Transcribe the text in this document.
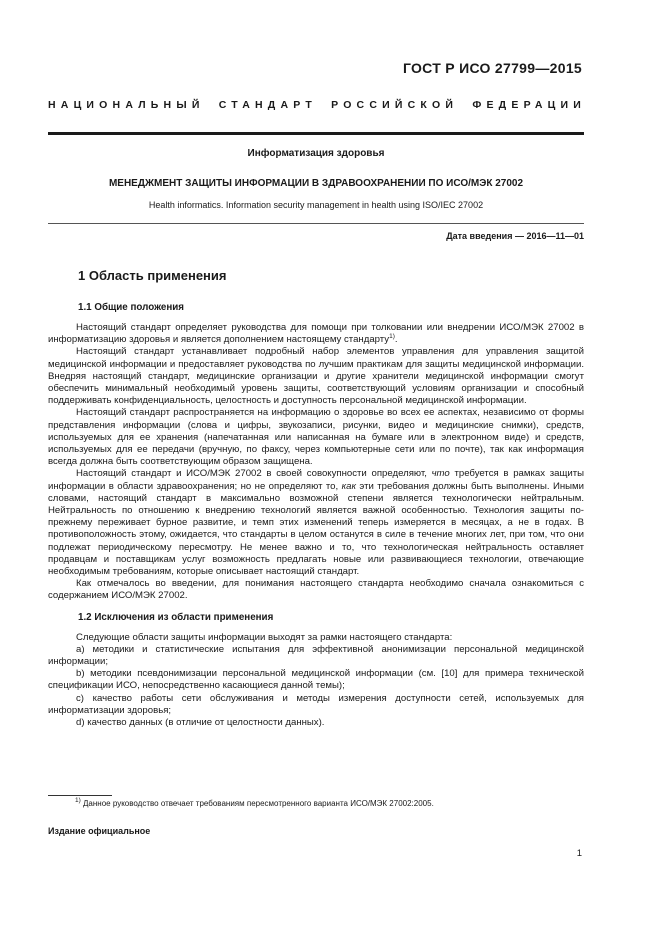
ГОСТ Р ИСО 27799—2015
НАЦИОНАЛЬНЫЙ СТАНДАРТ РОССИЙСКОЙ ФЕДЕРАЦИИ
Информатизация здоровья
МЕНЕДЖМЕНТ ЗАЩИТЫ ИНФОРМАЦИИ В ЗДРАВООХРАНЕНИИ ПО ИСО/МЭК 27002
Health informatics. Information security management in health using ISO/IEC 27002
Дата введения — 2016—11—01
1 Область применения
1.1 Общие положения

Настоящий стандарт определяет руководства для помощи при толковании или внедрении ИСО/МЭК 27002 в информатизацию здоровья и является дополнением настоящему стандарту$^{1)}$.

Настоящий стандарт устанавливает подробный набор элементов управления для управления защитой медицинской информации и предоставляет руководства по лучшим практикам для защиты медицинской информации. Внедряя настоящий стандарт, медицинские организации и другие хранители медицинской информации смогут обеспечить минимальный необходимый уровень защиты, соответствующий условиям организации и способный поддерживать конфиденциальность, целостность и доступность персональной медицинской информации.

Настоящий стандарт распространяется на информацию о здоровье во всех ее аспектах, независимо от формы представления информации (слова и цифры, звукозаписи, рисунки, видео и медицинские снимки), средств, используемых для ее хранения (напечатанная или написанная на бумаге или в электронном виде) и средств, используемых для ее передачи (вручную, по факсу, через компьютерные сети или по почте), так как информация всегда должна быть соответствующим образом защищена.

Настоящий стандарт и ИСО/МЭК 27002 в своей совокупности определяют, что требуется в рамках защиты информации в области здравоохранения; но не определяют то, как эти требования должны быть выполнены. Иными словами, настоящий стандарт в максимально возможной степени является технологически нейтральным. Нейтральность по отношению к внедрению технологий является важной особенностью. Технология защиты по-прежнему переживает бурное развитие, и темп этих изменений теперь измеряется в месяцах, а не в годах. В противоположность этому, ожидается, что стандарты в целом останутся в силе в течение многих лет, при том, что они подлежат периодическому пересмотру. Не менее важно и то, что технологическая нейтральность оставляет продавцам и поставщикам услуг возможность предлагать новые или развивающиеся технологии, отвечающие необходимым требованиям, которые описывает настоящий стандарт.

Как отмечалось во введении, для понимания настоящего стандарта необходимо сначала ознакомиться с содержанием ИСО/МЭК 27002.

1.2 Исключения из области применения

Следующие области защиты информации выходят за рамки настоящего стандарта:

a) методики и статистические испытания для эффективной анонимизации персональной медицинской информации;

b) методики псевдонимизации персональной медицинской информации (см. [10] для примера технической спецификации ИСО, непосредственно касающиеся данной темы);

c) качество работы сети обслуживания и методы измерения доступности сетей, используемых для информатизации здоровья;

d) качество данных (в отличие от целостности данных).

$^{1)}$ Данное руководство отвечает требованиям пересмотренного варианта ИСО/МЭК 27002:2005.
Издание официальное
1
